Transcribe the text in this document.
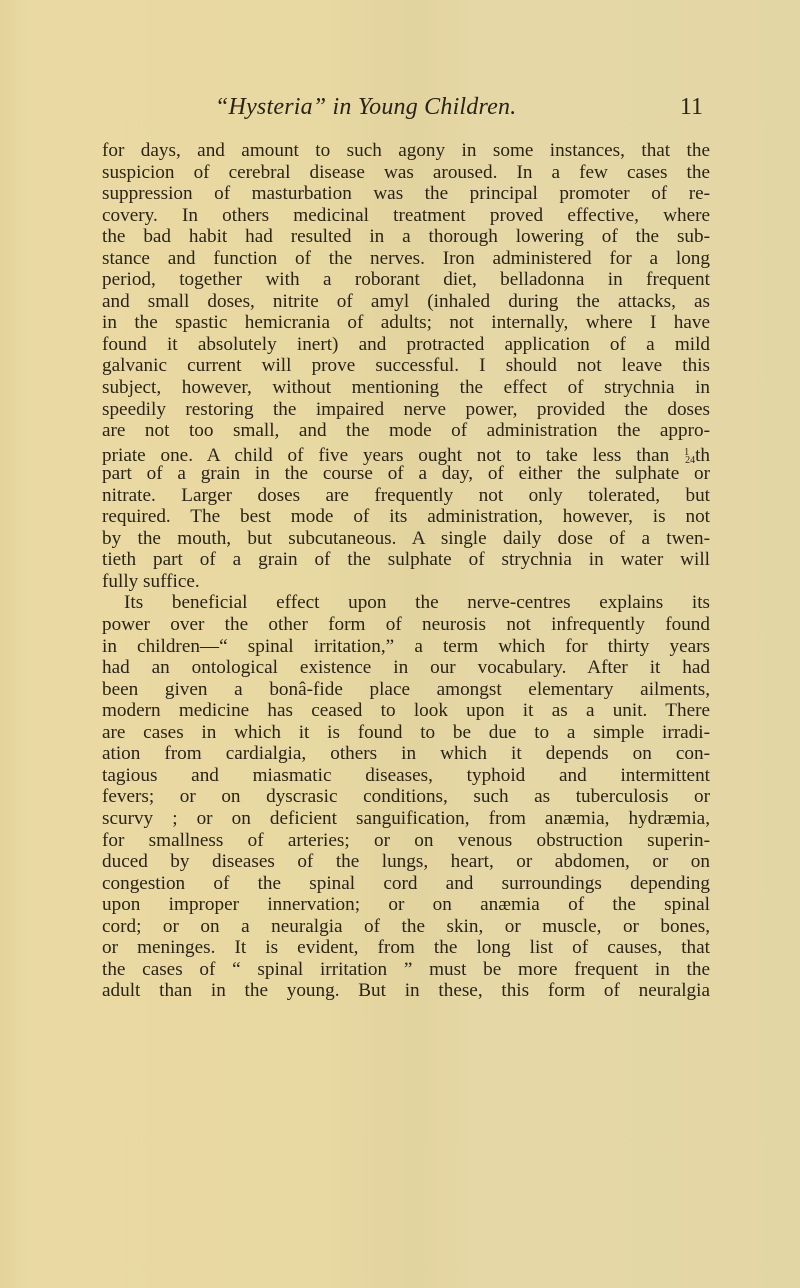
“Hysteria” in Young Children.	11
for days, and amount to such agony in some instances, that the
suspicion of cerebral disease was aroused. In a few cases the
suppression of masturbation was the principal promoter of re-
covery. In others medicinal treatment proved effective, where
the bad habit had resulted in a thorough lowering of the sub-
stance and function of the nerves. Iron administered for a long
period, together with a roborant diet, belladonna in frequent
and small doses, nitrite of amyl (inhaled during the attacks, as
in the spastic hemicrania of adults; not internally, where I have
found it absolutely inert) and protracted application of a mild
galvanic current will prove successful. I should not leave this
subject, however, without mentioning the effect of strychnia in
speedily restoring the impaired nerve power, provided the doses
are not too small, and the mode of administration the appro-
priate one. A child of five years ought not to take less than $^1_{24}$th
part of a grain in the course of a day, of either the sulphate or
nitrate. Larger doses are frequently not only tolerated, but
required. The best mode of its administration, however, is not
by the mouth, but subcutaneous. A single daily dose of a twen-
tieth part of a grain of the sulphate of strychnia in water will
fully suffice.
Its beneficial effect upon the nerve-centres explains its
power over the other form of neurosis not infrequently found
in children—“ spinal irritation,” a term which for thirty years
had an ontological existence in our vocabulary. After it had
been given a bonâ-fide place amongst elementary ailments,
modern medicine has ceased to look upon it as a unit. There
are cases in which it is found to be due to a simple irradi-
ation from cardialgia, others in which it depends on con-
tagious and miasmatic diseases, typhoid and intermittent
fevers; or on dyscrasic conditions, such as tuberculosis or
scurvy ; or on deficient sanguification, from anæmia, hydræmia,
for smallness of arteries; or on venous obstruction superin-
duced by diseases of the lungs, heart, or abdomen, or on
congestion of the spinal cord and surroundings depending
upon improper innervation; or on anæmia of the spinal
cord; or on a neuralgia of the skin, or muscle, or bones,
or meninges. It is evident, from the long list of causes, that
the cases of “ spinal irritation ” must be more frequent in the
adult than in the young. But in these, this form of neuralgia
